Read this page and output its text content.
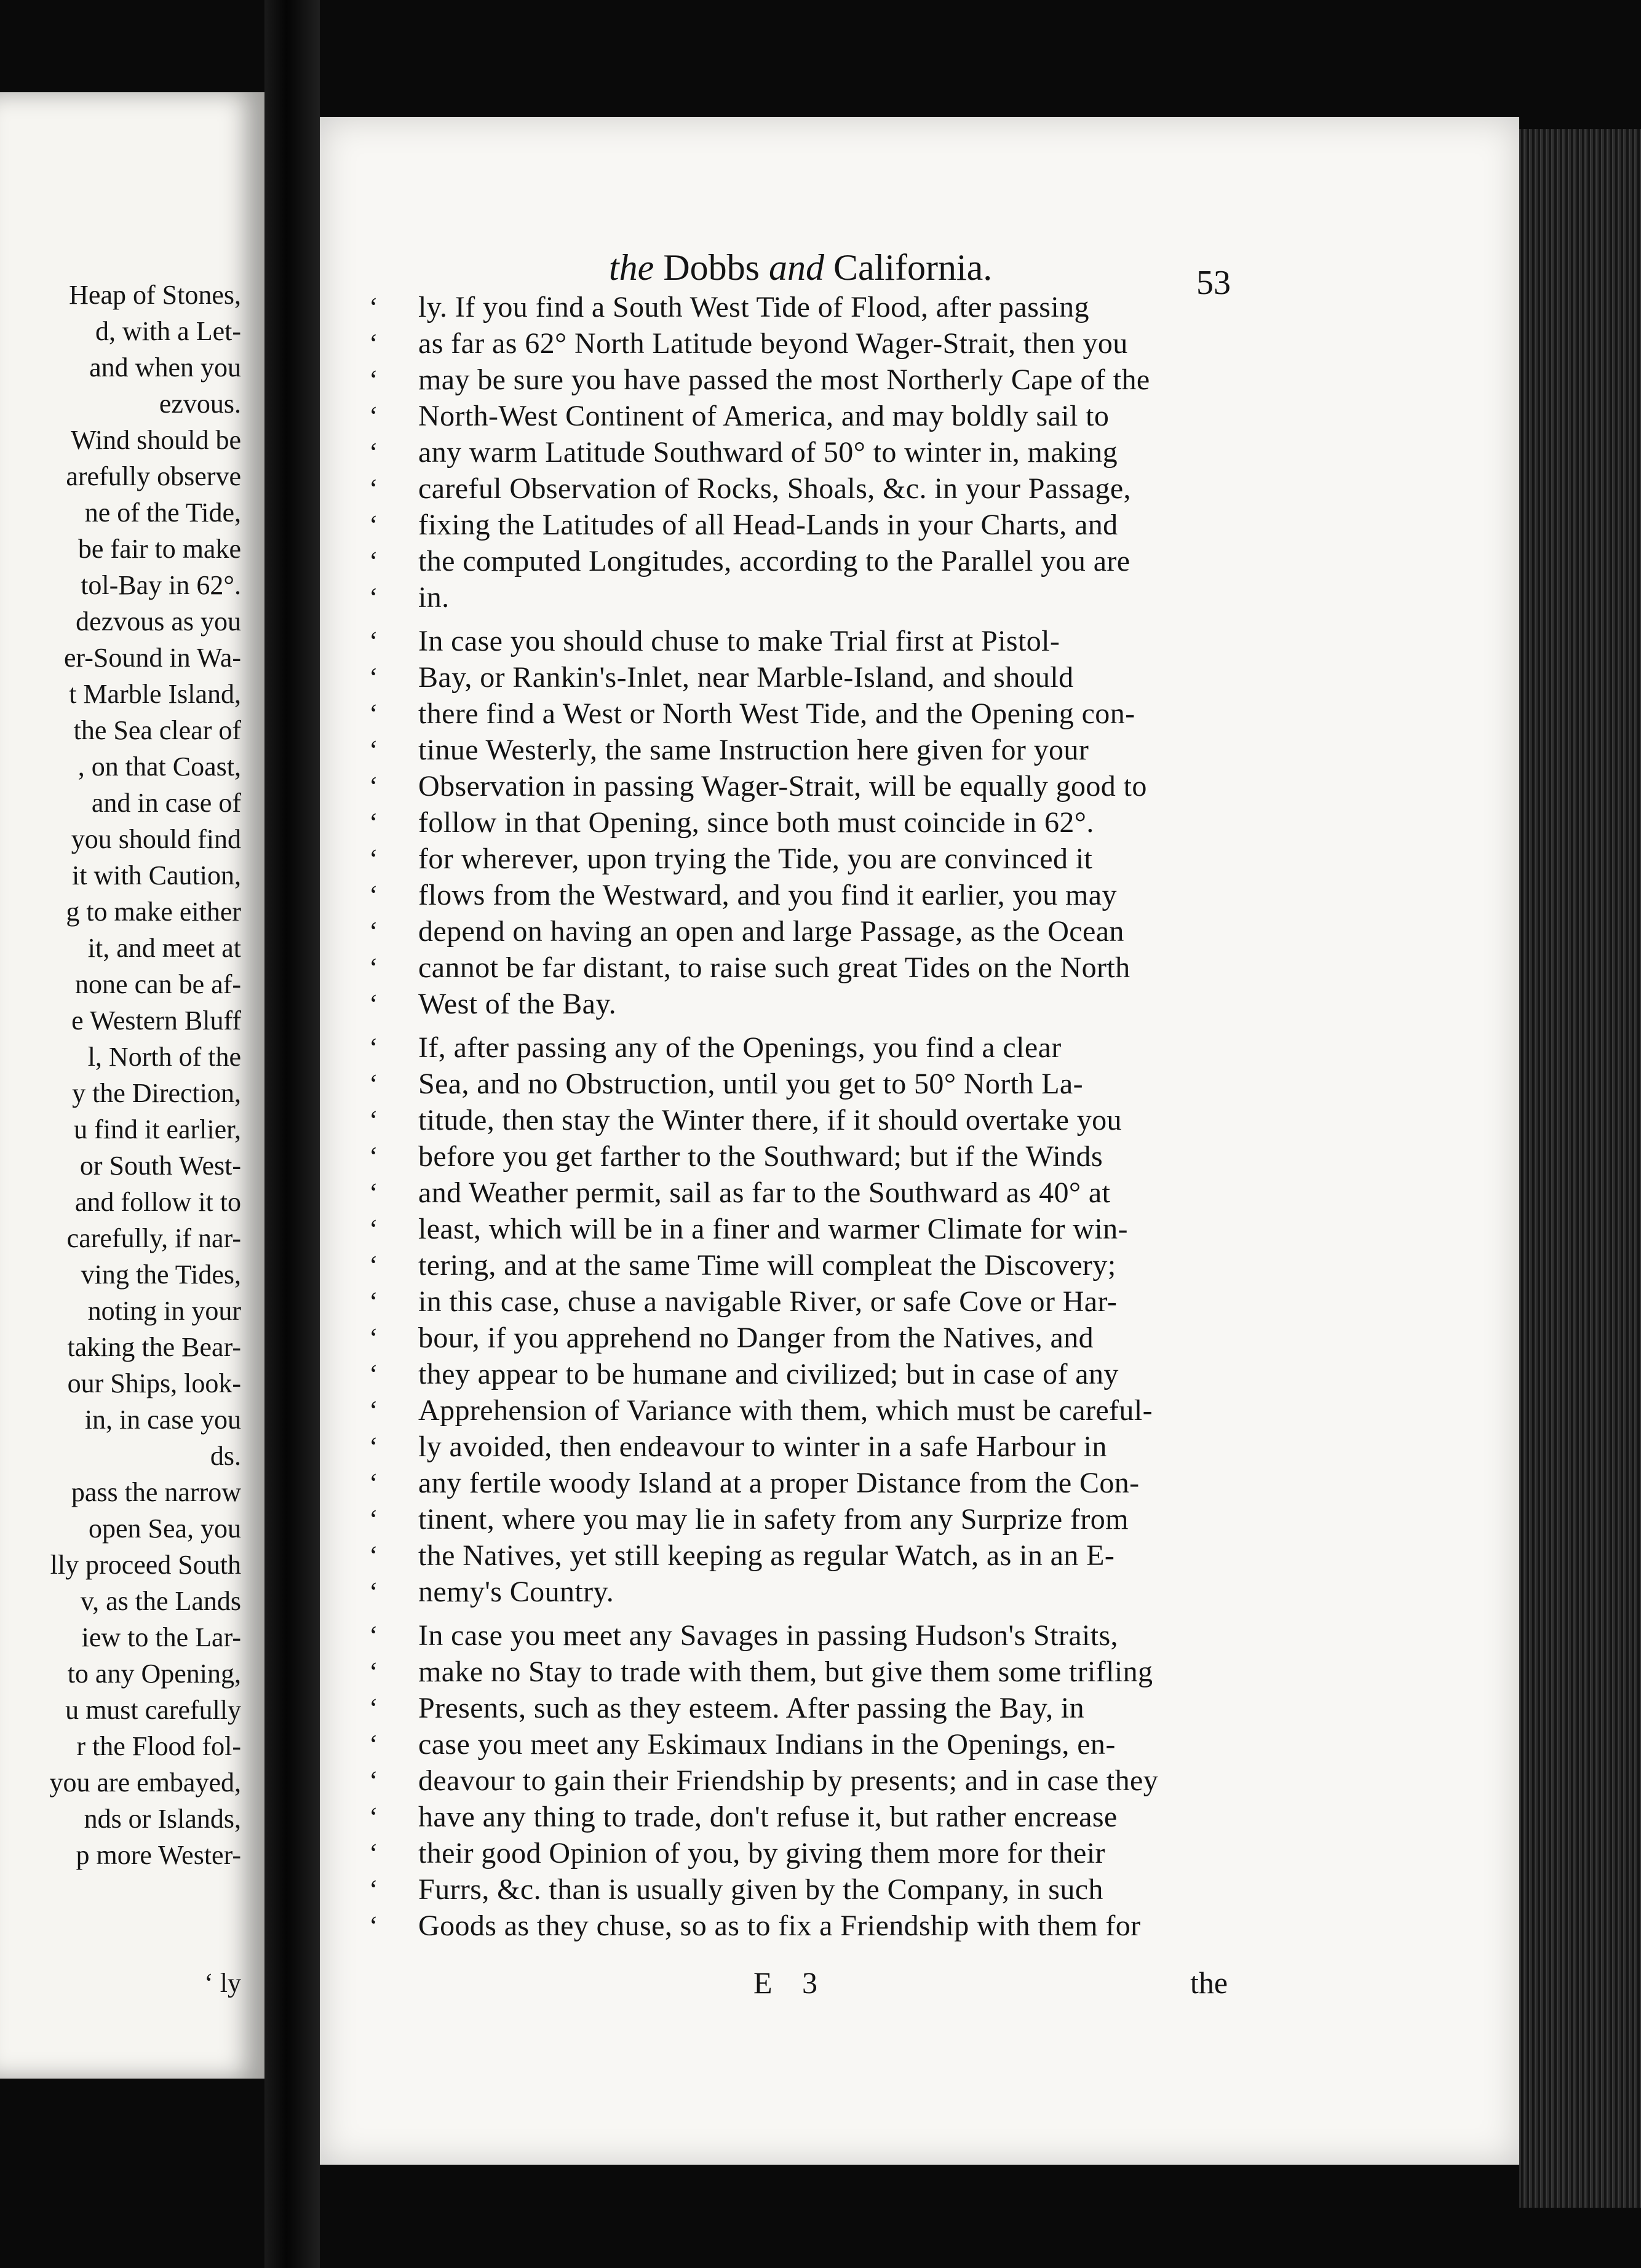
Heap of Stones,
d, with a Let-
and when you
ezvous.
Wind should be
arefully observe
ne of the Tide,
be fair to make
tol-Bay in 62°.
dezvous as you
er-Sound in Wa-
t Marble Island,
the Sea clear of
, on that Coast,
and in case of
you should find
it with Caution,
g to make either
it, and meet at
none can be af-
e Western Bluff
l, North of the
y the Direction,
u find it earlier,
or South West-
and follow it to
carefully, if nar-
ving the Tides,
noting in your
taking the Bear-
our Ships, look-
in, in case you
ds.
pass the narrow
open Sea, you
lly proceed South
v, as the Lands
iew to the Lar-
to any Opening,
u must carefully
r the Flood fol-
you are embayed,
nds or Islands,
p more Wester-
‘ ly
the Dobbs and California.	53
‘ ly. If you find a South West Tide of Flood, after passing
‘ as far as 62° North Latitude beyond Wager-Strait, then you
‘ may be sure you have passed the most Northerly Cape of the
‘ North-West Continent of America, and may boldly sail to
‘ any warm Latitude Southward of 50° to winter in, making
‘ careful Observation of Rocks, Shoals, &c. in your Passage,
‘ fixing the Latitudes of all Head-Lands in your Charts, and
‘ the computed Longitudes, according to the Parallel you are
‘ in.
‘ In case you should chuse to make Trial first at Pistol-
‘ Bay, or Rankin's-Inlet, near Marble-Island, and should
‘ there find a West or North West Tide, and the Opening con-
‘ tinue Westerly, the same Instruction here given for your
‘ Observation in passing Wager-Strait, will be equally good to
‘ follow in that Opening, since both must coincide in 62°.
‘ for wherever, upon trying the Tide, you are convinced it
‘ flows from the Westward, and you find it earlier, you may
‘ depend on having an open and large Passage, as the Ocean
‘ cannot be far distant, to raise such great Tides on the North
‘ West of the Bay.
‘ If, after passing any of the Openings, you find a clear
‘ Sea, and no Obstruction, until you get to 50° North La-
‘ titude, then stay the Winter there, if it should overtake you
‘ before you get farther to the Southward; but if the Winds
‘ and Weather permit, sail as far to the Southward as 40° at
‘ least, which will be in a finer and warmer Climate for win-
‘ tering, and at the same Time will compleat the Discovery;
‘ in this case, chuse a navigable River, or safe Cove or Har-
‘ bour, if you apprehend no Danger from the Natives, and
‘ they appear to be humane and civilized; but in case of any
‘ Apprehension of Variance with them, which must be careful-
‘ ly avoided, then endeavour to winter in a safe Harbour in
‘ any fertile woody Island at a proper Distance from the Con-
‘ tinent, where you may lie in safety from any Surprize from
‘ the Natives, yet still keeping as regular Watch, as in an E-
‘ nemy's Country.
‘ In case you meet any Savages in passing Hudson's Straits,
‘ make no Stay to trade with them, but give them some trifling
‘ Presents, such as they esteem. After passing the Bay, in
‘ case you meet any Eskimaux Indians in the Openings, en-
‘ deavour to gain their Friendship by presents; and in case they
‘ have any thing to trade, don't refuse it, but rather encrease
‘ their good Opinion of you, by giving them more for their
‘ Furrs, &c. than is usually given by the Company, in such
‘ Goods as they chuse, so as to fix a Friendship with them for
E 3	the
